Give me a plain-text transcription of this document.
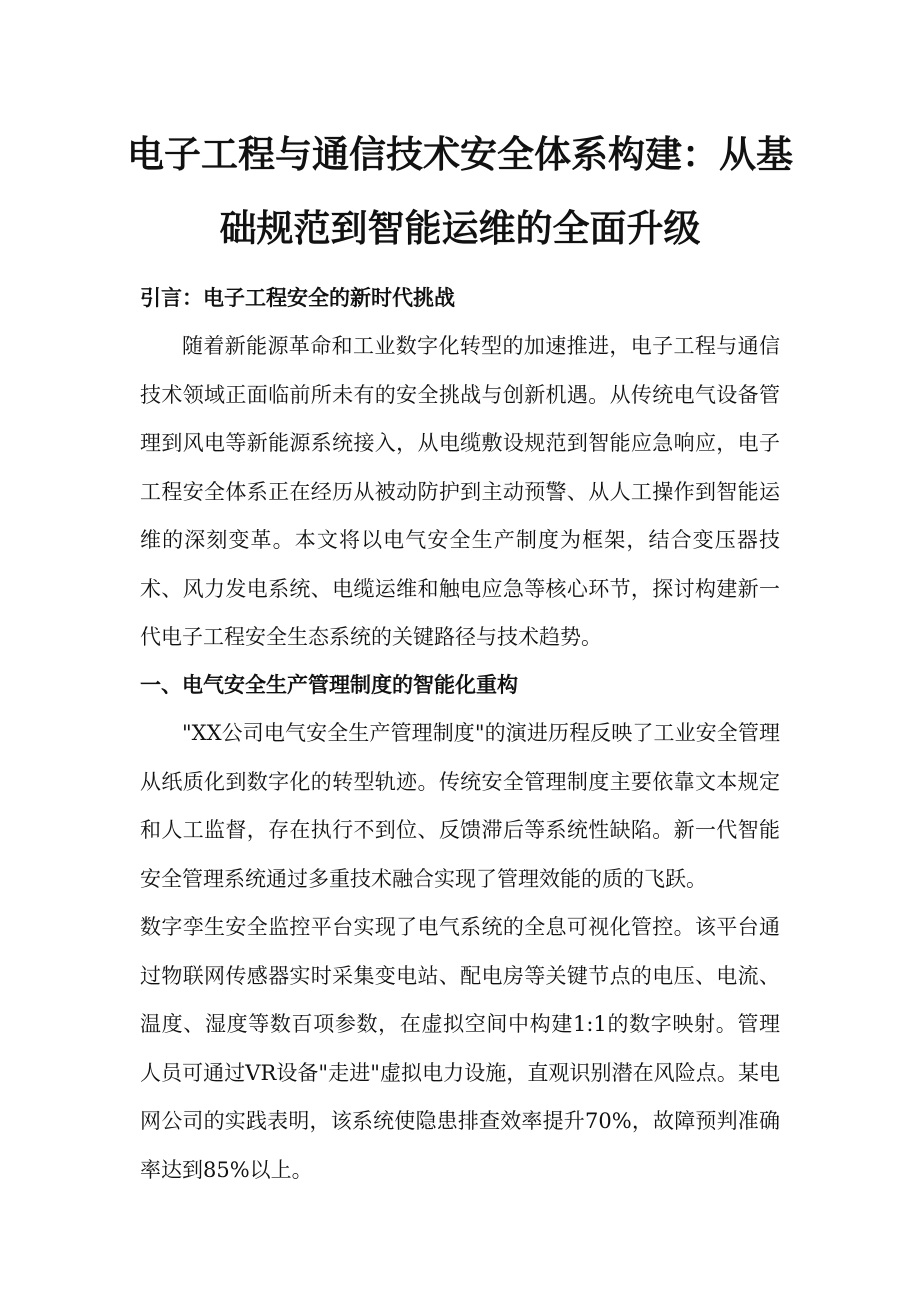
电子工程与通信技术安全体系构建：从基础规范到智能运维的全面升级
引言：电子工程安全的新时代挑战

随着新能源革命和工业数字化转型的加速推进，电子工程与通信技术领域正面临前所未有的安全挑战与创新机遇。从传统电气设备管理到风电等新能源系统接入，从电缆敷设规范到智能应急响应，电子工程安全体系正在经历从被动防护到主动预警、从人工操作到智能运维的深刻变革。本文将以电气安全生产制度为框架，结合变压器技术、风力发电系统、电缆运维和触电应急等核心环节，探讨构建新一代电子工程安全生态系统的关键路径与技术趋势。

一、电气安全生产管理制度的智能化重构

"XX公司电气安全生产管理制度"的演进历程反映了工业安全管理从纸质化到数字化的转型轨迹。传统安全管理制度主要依靠文本规定和人工监督，存在执行不到位、反馈滞后等系统性缺陷。新一代智能安全管理系统通过多重技术融合实现了管理效能的质的飞跃。

数字孪生安全监控平台实现了电气系统的全息可视化管控。该平台通过物联网传感器实时采集变电站、配电房等关键节点的电压、电流、温度、湿度等数百项参数，在虚拟空间中构建1:1的数字映射。管理人员可通过VR设备"走进"虚拟电力设施，直观识别潜在风险点。某电网公司的实践表明，该系统使隐患排查效率提升70%，故障预判准确率达到85%以上。
